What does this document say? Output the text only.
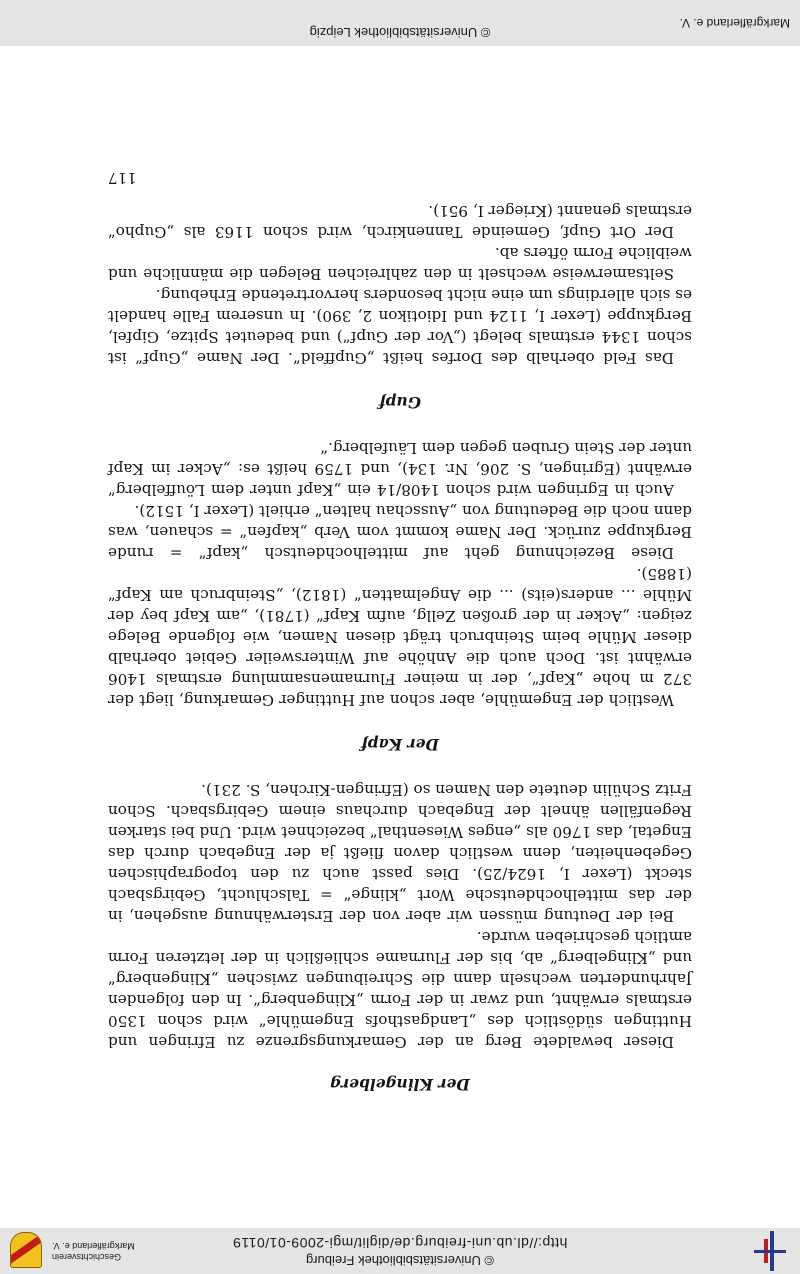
© Universitätsbibliothek Freiburg
http://dl.ub.uni-freiburg.de/diglit/mgi-2009-01/0119
Geschichtsverein
Markgräflerland e. V.
Der Klingelberg

Dieser bewaldete Berg an der Gemarkungsgrenze zu Efringen und Huttingen südöstlich des „Landgasthofs Engemühle“ wird schon 1350 erstmals erwähnt, und zwar in der Form „Klingenberg“. In den folgenden Jahrhunderten wechseln dann die Schreibungen zwischen „Klingenberg“ und „Klingelberg“ ab, bis der Flurname schließlich in der letzteren Form amtlich geschrieben wurde.

Bei der Deutung müssen wir aber von der Ersterwähnung ausgehen, in der das mittelhochdeutsche Wort „klinge“ = Talschlucht, Gebirgsbach steckt (Lexer I, 1624/25). Dies passt auch zu den topographischen Gegebenheiten, denn westlich davon fließt ja der Engebach durch das Engetal, das 1760 als „enges Wiesenthal“ bezeichnet wird. Und bei starken Regenfällen ähnelt der Engebach durchaus einem Gebirgsbach. Schon Fritz Schülin deutete den Namen so (Efringen-Kirchen, S. 231).

Der Kapf

Westlich der Engemühle, aber schon auf Huttinger Gemarkung, liegt der 372 m hohe „Kapf“, der in meiner Flurnamensammlung erstmals 1406 erwähnt ist. Doch auch die Anhöhe auf Wintersweiler Gebiet oberhalb dieser Mühle beim Steinbruch trägt diesen Namen, wie folgende Belege zeigen: „Acker in der großen Zellg, aufm Kapf“ (1781), „am Kapf bey der Mühle ... anders(eits) ... die Angelmatten“ (1812), „Steinbruch am Kapf“ (1885).

Diese Bezeichnung geht auf mittelhochdeutsch „kapf“ = runde Bergkuppe zurück. Der Name kommt vom Verb „kapfen“ = schauen, was dann noch die Bedeutung von „Ausschau halten“ erhielt (Lexer I, 1512).

Auch in Egringen wird schon 1408/14 ein „Kapf unter dem Löuffelberg“ erwähnt (Egringen, S. 206, Nr. 134), und 1759 heißt es: „Acker im Kapf unter der Stein Gruben gegen dem Läufelberg.“

Gupf

Das Feld oberhalb des Dorfes heißt „Gupffeld“. Der Name „Gupf“ ist schon 1344 erstmals belegt („Vor der Gupf“) und bedeutet Spitze, Gipfel, Bergkuppe (Lexer I, 1124 und Idiotikon 2, 390). In unserem Falle handelt es sich allerdings um eine nicht besonders hervortretende Erhebung.

Seltsamerweise wechselt in den zahlreichen Belegen die männliche und weibliche Form öfters ab.

Der Ort Gupf, Gemeinde Tannenkirch, wird schon 1163 als „Gupho“ erstmals genannt (Krieger I, 951).

117
Markgräflerland e. V.
© Universitätsbibliothek Leipzig
